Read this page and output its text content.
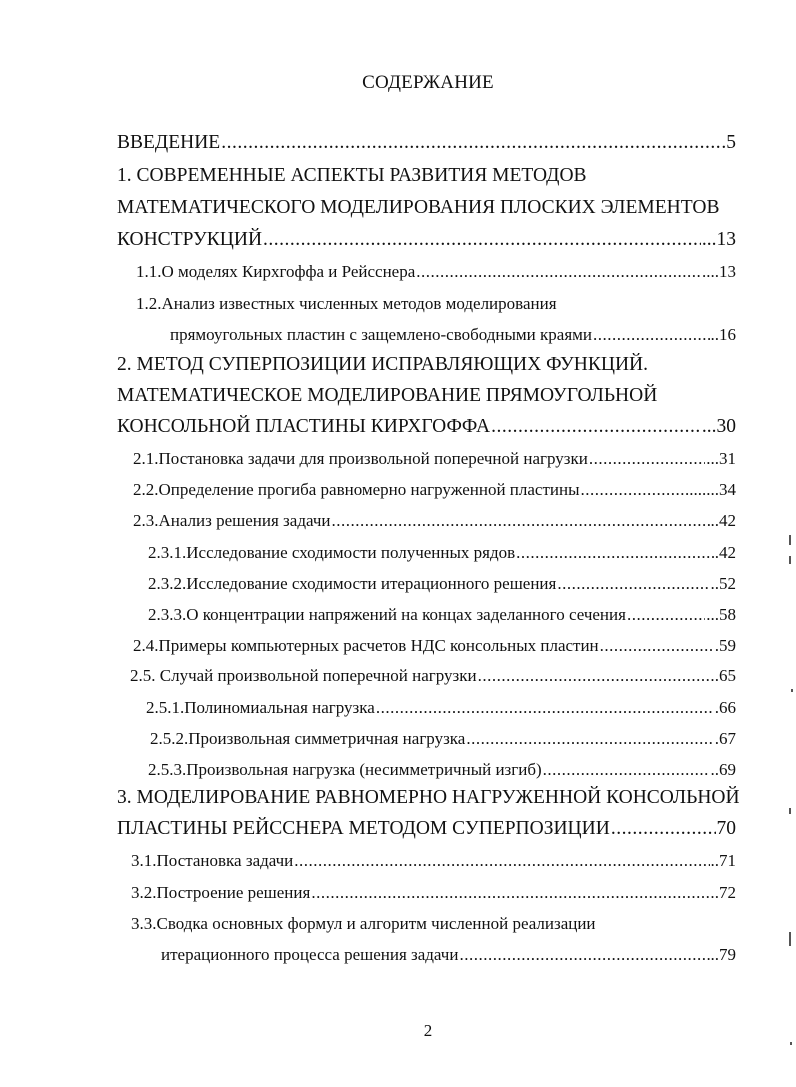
СОДЕРЖАНИЕ
ВВЕДЕНИЕ .....	.5
1. СОВРЕМЕННЫЕ АСПЕКТЫ РАЗВИТИЯ МЕТОДОВ
МАТЕМАТИЧЕСКОГО МОДЕЛИРОВАНИЯ ПЛОСКИХ ЭЛЕМЕНТОВ
КОНСТРУКЦИЙ .....	...13
1.1.О моделях Кирхгоффа и Рейсснера .....	....13
1.2.Анализ известных численных методов моделирования
прямоугольных пластин с защемлено-свободными краями .....	..16
2. МЕТОД СУПЕРПОЗИЦИИ ИСПРАВЛЯЮЩИХ ФУНКЦИЙ.
МАТЕМАТИЧЕСКОЕ МОДЕЛИРОВАНИЕ ПРЯМОУГОЛЬНОЙ
КОНСОЛЬНОЙ ПЛАСТИНЫ КИРХГОФФА .....	...30
2.1.Постановка задачи для произвольной поперечной нагрузки .....	...31
2.2.Определение прогиба равномерно нагруженной пластины .....	........34
2.3.Анализ решения задачи .....	..42
2.3.1.Исследование сходимости полученных рядов .....	.42
2.3.2.Исследование сходимости итерационного решения .....	..52
2.3.3.О концентрации напряжений на концах заделанного сечения .....	...58
2.4.Примеры компьютерных расчетов НДС консольных пластин .....	.59
2.5. Случай произвольной поперечной нагрузки .....	.65
2.5.1.Полиномиальная нагрузка .....	.66
2.5.2.Произвольная симметричная нагрузка .....	.67
2.5.3.Произвольная нагрузка (несимметричный изгиб) .....	..69
3. МОДЕЛИРОВАНИЕ РАВНОМЕРНО НАГРУЖЕННОЙ КОНСОЛЬНОЙ
ПЛАСТИНЫ РЕЙССНЕРА МЕТОДОМ СУПЕРПОЗИЦИИ .....	70
3.1.Постановка задачи .....	..71
3.2.Построение решения .....	.72
3.3.Сводка основных формул и алгоритм численной реализации
итерационного процесса решения задачи .....	..79
2
